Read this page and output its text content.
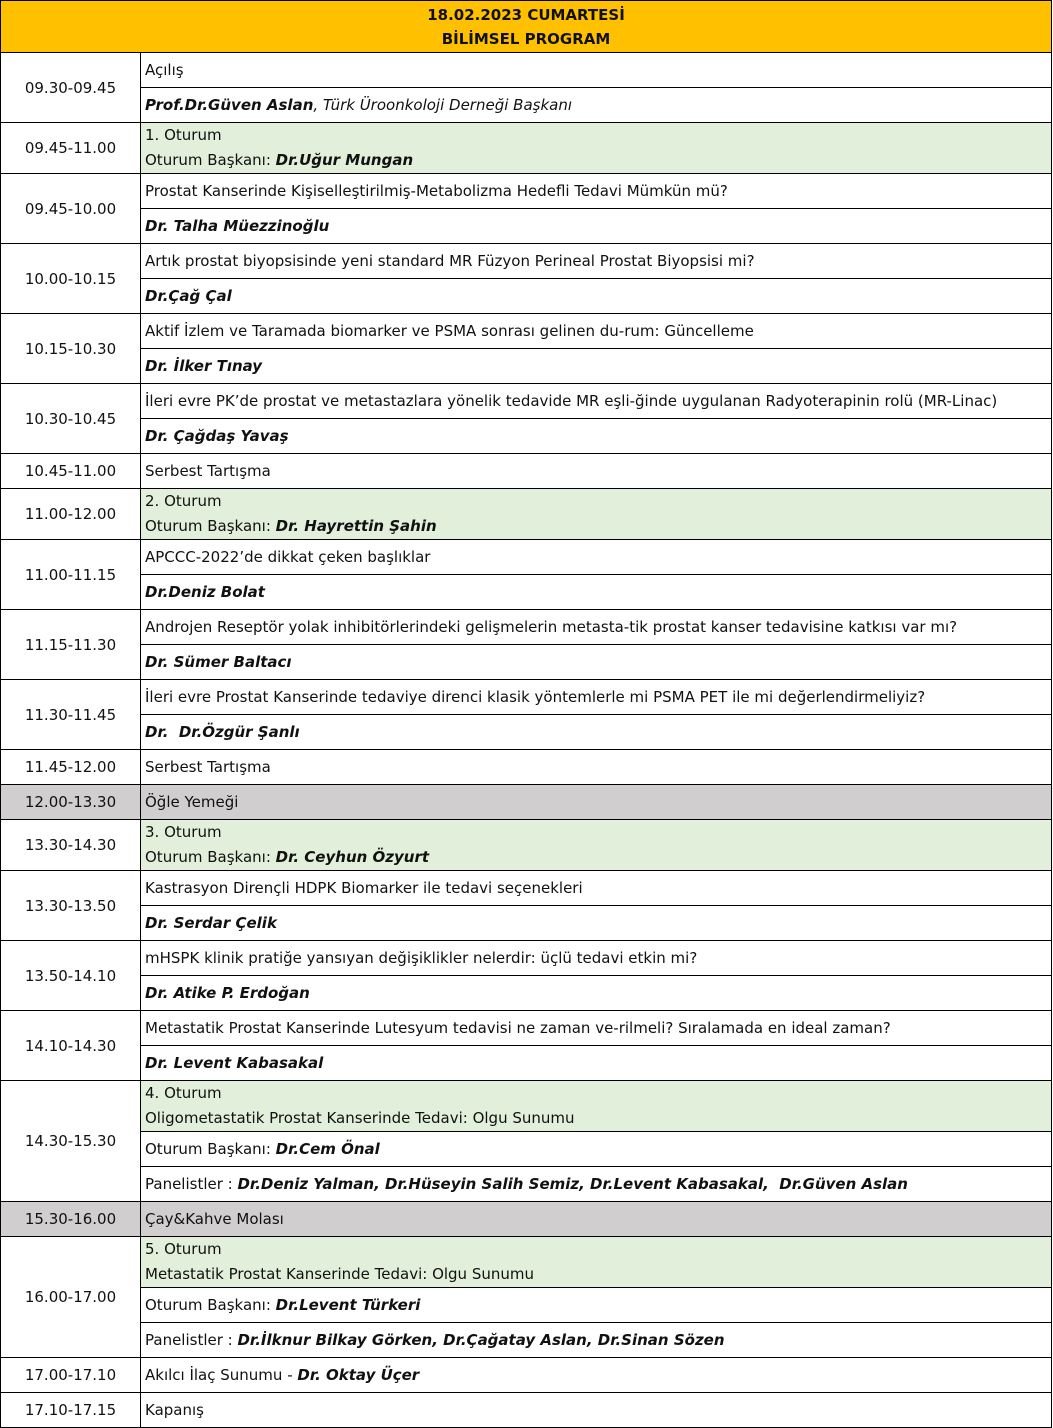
18.02.2023 CUMARTESİ
BİLİMSEL PROGRAM	

09.30-09.45	Açılış
	Prof.Dr.Güven Aslan, Türk Üroonkoloji Derneği Başkanı
09.45-11.00	1. Oturum
Oturum Başkanı: Dr.Uğur Mungan

09.45-10.00	Prostat Kanserinde Kişiselleştirilmiş-Metabolizma Hedefli Tedavi Mümkün mü?
	Dr. Talha Müezzinoğlu
10.00-10.15	Artık prostat biyopsisinde yeni standard MR Füzyon Perineal Prostat Biyopsisi mi?
	Dr.Çağ Çal
10.15-10.30	Aktif İzlem ve Taramada biomarker ve PSMA sonrası gelinen du-rum: Güncelleme
	Dr. İlker Tınay
10.30-10.45	İleri evre PK’de prostat ve metastazlara yönelik tedavide MR eşli-ğinde uygulanan Radyoterapinin rolü (MR-Linac)
	Dr. Çağdaş Yavaş
10.45-11.00	Serbest Tartışma
11.00-12.00	2. Oturum
Oturum Başkanı: Dr. Hayrettin Şahin

11.00-11.15	APCCC-2022’de dikkat çeken başlıklar
	Dr.Deniz Bolat
11.15-11.30	Androjen Reseptör yolak inhibitörlerindeki gelişmelerin metasta-tik prostat kanser tedavisine katkısı var mı?
	Dr. Sümer Baltacı
11.30-11.45	İleri evre Prostat Kanserinde tedaviye direnci klasik yöntemlerle mi PSMA PET ile mi değerlendirmeliyiz?
	Dr.  Dr.Özgür Şanlı
11.45-12.00	Serbest Tartışma
12.00-13.30	Öğle Yemeği
13.30-14.30	3. Oturum
Oturum Başkanı: Dr. Ceyhun Özyurt

13.30-13.50	Kastrasyon Dirençli HDPK Biomarker ile tedavi seçenekleri
	Dr. Serdar Çelik
13.50-14.10	mHSPK klinik pratiğe yansıyan değişiklikler nelerdir: üçlü tedavi etkin mi?
	Dr. Atike P. Erdoğan
14.10-14.30	Metastatik Prostat Kanserinde Lutesyum tedavisi ne zaman ve-rilmeli? Sıralamada en ideal zaman?
	Dr. Levent Kabasakal
14.30-15.30	4. Oturum
Oligometastatik Prostat Kanserinde Tedavi: Olgu Sunumu

	Oturum Başkanı: Dr.Cem Önal
	Panelistler : Dr.Deniz Yalman, Dr.Hüseyin Salih Semiz, Dr.Levent Kabasakal,  Dr.Güven Aslan
15.30-16.00	Çay&Kahve Molası
16.00-17.00	5. Oturum
Metastatik Prostat Kanserinde Tedavi: Olgu Sunumu

	Oturum Başkanı: Dr.Levent Türkeri
	Panelistler : Dr.İlknur Bilkay Görken, Dr.Çağatay Aslan, Dr.Sinan Sözen
17.00-17.10	Akılcı İlaç Sunumu - Dr. Oktay Üçer
17.10-17.15	Kapanış
